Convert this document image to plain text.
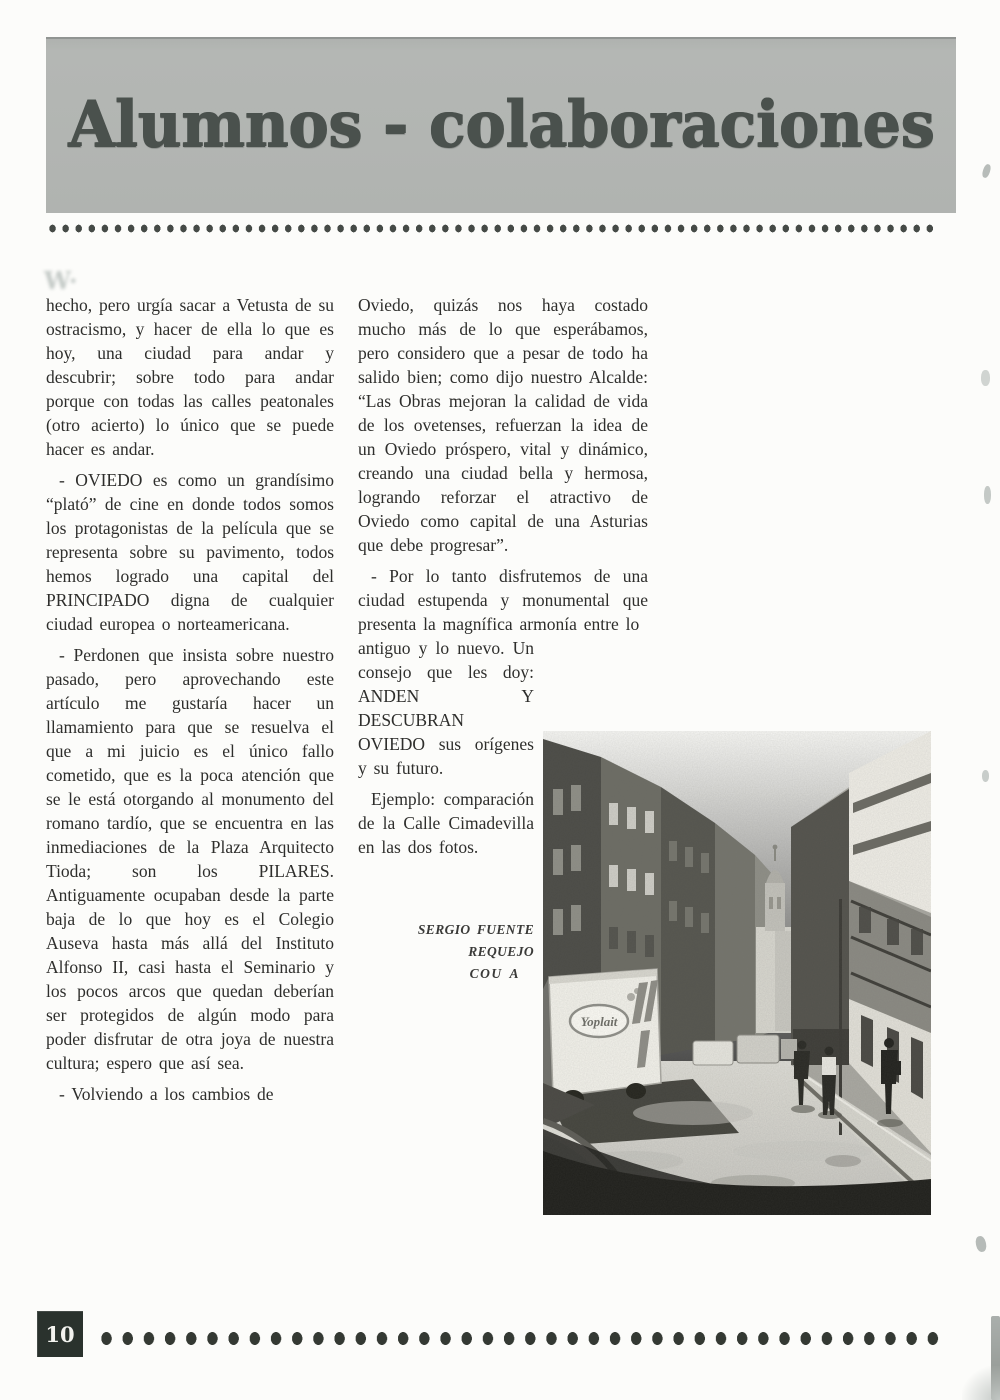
Alumnos - colaboraciones
W·

hecho, pero urgía sacar a Vetusta de su ostracismo, y hacer de ella lo que es hoy, una ciudad para andar y descubrir; sobre todo para andar porque con todas las calles peatonales (otro acierto) lo único que se puede hacer es andar.

- OVIEDO es como un grandísimo “plató” de cine en donde todos somos los protagonistas de la película que se representa sobre su pavimento, todos hemos logrado una capital del PRINCIPADO digna de cualquier ciudad europea o norteamericana.

- Perdonen que insista sobre nuestro pasado, pero aprovechando este artículo me gustaría hacer un llamamiento para que se resuelva el que a mi juicio es el único fallo cometido, que es la poca atención que se le está otorgando al monumento del romano tardío, que se encuentra en las inmediaciones de la Plaza Arquitecto Tioda; son los PILARES. Antiguamente ocupaban desde la parte baja de lo que hoy es el Colegio Auseva hasta más allá del Instituto Alfonso II, casi hasta el Seminario y los pocos arcos que quedan deberían ser protegidos de algún modo para poder disfrutar de otra joya de nuestra cultura; espero que así sea.

- Volviendo a los cambios de

Oviedo, quizás nos haya costado mucho más de lo que esperábamos, pero considero que a pesar de todo ha salido bien; como dijo nuestro Alcalde: “Las Obras mejoran la calidad de vida de los ovetenses, refuerzan la idea de un Oviedo próspero, vital y dinámico, creando una ciudad bella y hermosa, logrando reforzar el atractivo de Oviedo como capital de una Asturias que debe progresar”.

- Por lo tanto disfrutemos de una ciudad estupenda y monumental que presenta la magnífica armonía entre lo

antiguo y lo nuevo. Un consejo que les doy: ANDEN Y DESCUBRAN OVIEDO sus orígenes y su futuro.

Ejemplo: comparación de la Calle Cimadevilla en las dos fotos.

SERGIO FUENTE REQUEJO
COU A
Yoplait
10
